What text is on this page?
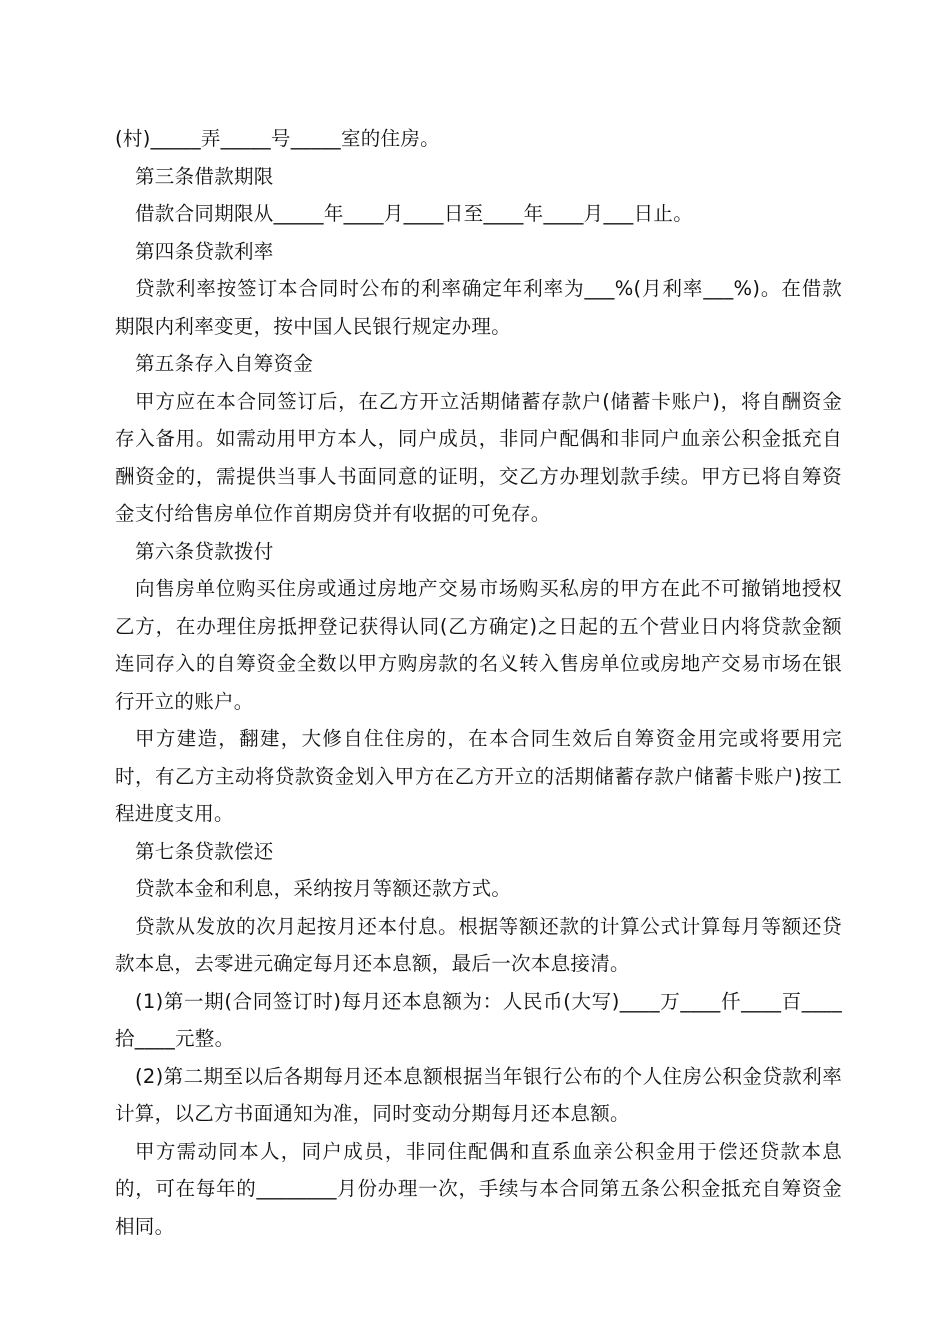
(村)_____弄_____号_____室的住房。

第三条借款期限

借款合同期限从_____年____月____日至____年____月___日止。

第四条贷款利率

贷款利率按签订本合同时公布的利率确定年利率为___%(月利率___%)。在借款期限内利率变更，按中国人民银行规定办理。

第五条存入自筹资金

甲方应在本合同签订后，在乙方开立活期储蓄存款户(储蓄卡账户)，将自酬资金存入备用。如需动用甲方本人，同户成员，非同户配偶和非同户血亲公积金抵充自酬资金的，需提供当事人书面同意的证明，交乙方办理划款手续。甲方已将自筹资金支付给售房单位作首期房贷并有收据的可免存。

第六条贷款拨付

向售房单位购买住房或通过房地产交易市场购买私房的甲方在此不可撤销地授权乙方，在办理住房抵押登记获得认同(乙方确定)之日起的五个营业日内将贷款金额连同存入的自筹资金全数以甲方购房款的名义转入售房单位或房地产交易市场在银行开立的账户。

甲方建造，翻建，大修自住住房的，在本合同生效后自筹资金用完或将要用完时，有乙方主动将贷款资金划入甲方在乙方开立的活期储蓄存款户储蓄卡账户)按工程进度支用。

第七条贷款偿还

贷款本金和利息，采纳按月等额还款方式。

贷款从发放的次月起按月还本付息。根据等额还款的计算公式计算每月等额还贷款本息，去零进元确定每月还本息额，最后一次本息接清。

(1)第一期(合同签订时)每月还本息额为：人民币(大写)____万____仟____百____拾____元整。

(2)第二期至以后各期每月还本息额根据当年银行公布的个人住房公积金贷款利率计算，以乙方书面通知为准，同时变动分期每月还本息额。

甲方需动同本人，同户成员，非同住配偶和直系血亲公积金用于偿还贷款本息的，可在每年的________月份办理一次，手续与本合同第五条公积金抵充自筹资金相同。
